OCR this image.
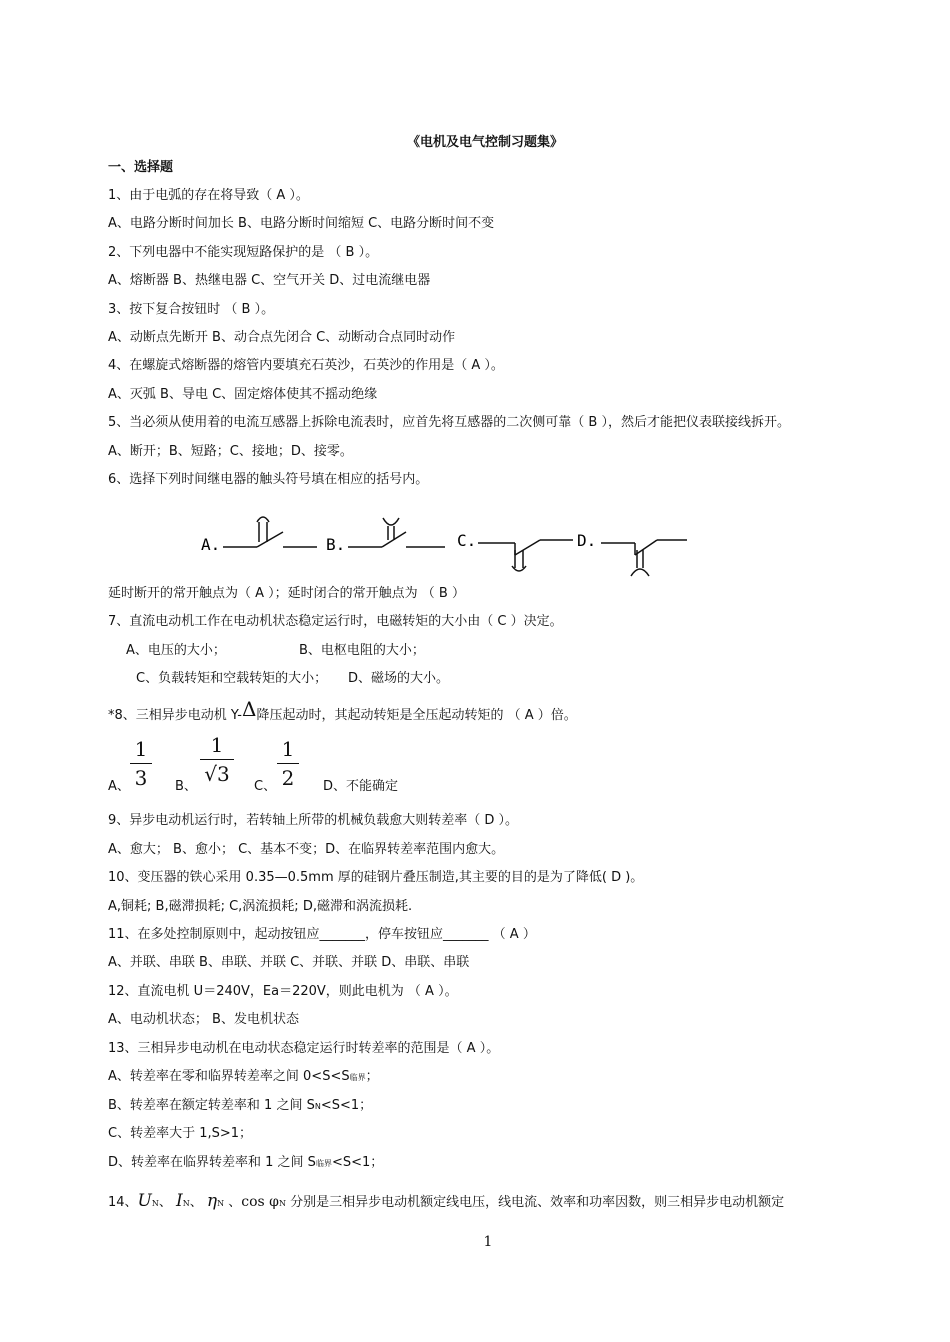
《电机及电气控制习题集》
一、选择题
1、由于电弧的存在将导致（ A ）。
A、电路分断时间加长 B、电路分断时间缩短 C、电路分断时间不变
2、下列电器中不能实现短路保护的是 （ B ）。
A、熔断器 B、热继电器 C、空气开关 D、过电流继电器
3、按下复合按钮时 （ B ）。
A、动断点先断开 B、动合点先闭合 C、动断动合点同时动作
4、在螺旋式熔断器的熔管内要填充石英沙，石英沙的作用是（ A ）。
A、灭弧 B、导电 C、固定熔体使其不摇动绝缘
5、当必须从使用着的电流互感器上拆除电流表时，应首先将互感器的二次侧可靠（ B ），然后才能把仪表联接线拆开。
A、断开；B、短路；C、接地；D、接零。
6、选择下列时间继电器的触头符号填在相应的括号内。
A.	B.	C.	D.
延时断开的常开触点为（ A ）；延时闭合的常开触点为 （ B ）
7、直流电动机工作在电动机状态稳定运行时，电磁转矩的大小由（ C ）决定。
A、电压的大小；	B、电枢电阻的大小；
C、负载转矩和空载转矩的大小； D、磁场的大小。
*8、三相异步电动机 Y-Δ降压起动时，其起动转矩是全压起动转矩的 （ A ）倍。
1
3
1
√3
1
2
A、	B、	C、	D、不能确定
9、异步电动机运行时，若转轴上所带的机械负载愈大则转差率（ D ）。
A、愈大； B、愈小； C、基本不变；D、在临界转差率范围内愈大。
10、变压器的铁心采用 0.35—0.5mm 厚的硅钢片叠压制造,其主要的目的是为了降低( D )。
A,铜耗; B,磁滞损耗; C,涡流损耗; D,磁滞和涡流损耗.
11、在多处控制原则中，起动按钮应_______，停车按钮应_______ （ A ）
A、并联、串联 B、串联、并联 C、并联、并联 D、串联、串联
12、直流电机 U＝240V，Ea＝220V，则此电机为 （ A ）。
A、电动机状态； B、发电机状态
13、三相异步电动机在电动状态稳定运行时转差率的范围是（ A ）。
A、转差率在零和临界转差率之间 0<S<S临界；
B、转差率在额定转差率和 1 之间 SN<S<1；
C、转差率大于 1,S>1；
D、转差率在临界转差率和 1 之间 S临界<S<1；
14、UN、 IN、 ηN 、cos φN 分别是三相异步电动机额定线电压，线电流、效率和功率因数，则三相异步电动机额定
1
